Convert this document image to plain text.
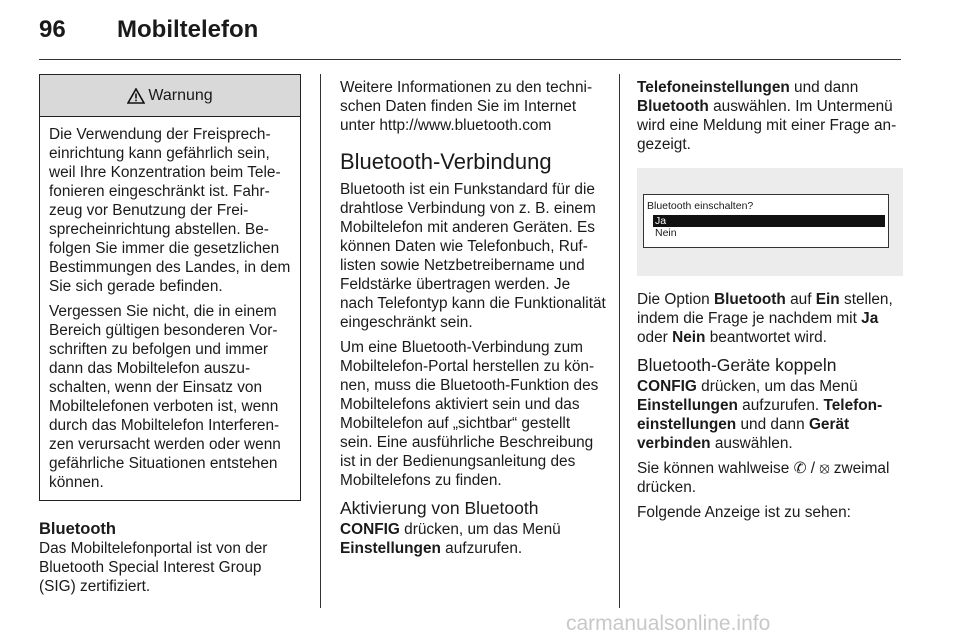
96 Mobiltelefon
Warnung

Die Verwendung der Freisprecheinrichtung kann gefährlich sein, weil Ihre Konzentration beim Telefonieren eingeschränkt ist. Fahrzeug vor Benutzung der Freisprecheinrichtung abstellen. Befolgen Sie immer die gesetzlichen Bestimmungen des Landes, in dem Sie sich gerade befinden.

Vergessen Sie nicht, die in einem Bereich gültigen besonderen Vorschriften zu befolgen und immer dann das Mobiltelefon auszuschalten, wenn der Einsatz von Mobiltelefonen verboten ist, wenn durch das Mobiltelefon Interferenzen verursacht werden oder wenn gefährliche Situationen entstehen können.

Bluetooth

Das Mobiltelefonportal ist von der Bluetooth Special Interest Group (SIG) zertifiziert.

Weitere Informationen zu den technischen Daten finden Sie im Internet unter http://www.bluetooth.com

Bluetooth-Verbindung

Bluetooth ist ein Funkstandard für die drahtlose Verbindung von z. B. einem Mobiltelefon mit anderen Geräten. Es können Daten wie Telefonbuch, Ruflisten sowie Netzbetreibername und Feldstärke übertragen werden. Je nach Telefontyp kann die Funktionalität eingeschränkt sein.

Um eine Bluetooth-Verbindung zum Mobiltelefon-Portal herstellen zu können, muss die Bluetooth-Funktion des Mobiltelefons aktiviert sein und das Mobiltelefon auf „sichtbar“ gestellt sein. Eine ausführliche Beschreibung ist in der Bedienungsanleitung des Mobiltelefons zu finden.

Aktivierung von Bluetooth

CONFIG drücken, um das Menü Einstellungen aufzurufen.

Telefoneinstellungen und dann Bluetooth auswählen. Im Untermenü wird eine Meldung mit einer Frage angezeigt.

Bluetooth einschalten?
Ja
Nein

Die Option Bluetooth auf Ein stellen, indem die Frage je nachdem mit Ja oder Nein beantwortet wird.

Bluetooth-Geräte koppeln

CONFIG drücken, um das Menü Einstellungen aufzurufen. Telefoneinstellungen und dann Gerät verbinden auswählen.

Sie können wahlweise ✆ / ⦻ zweimal drücken.

Folgende Anzeige ist zu sehen:

carmanualsonline.info
